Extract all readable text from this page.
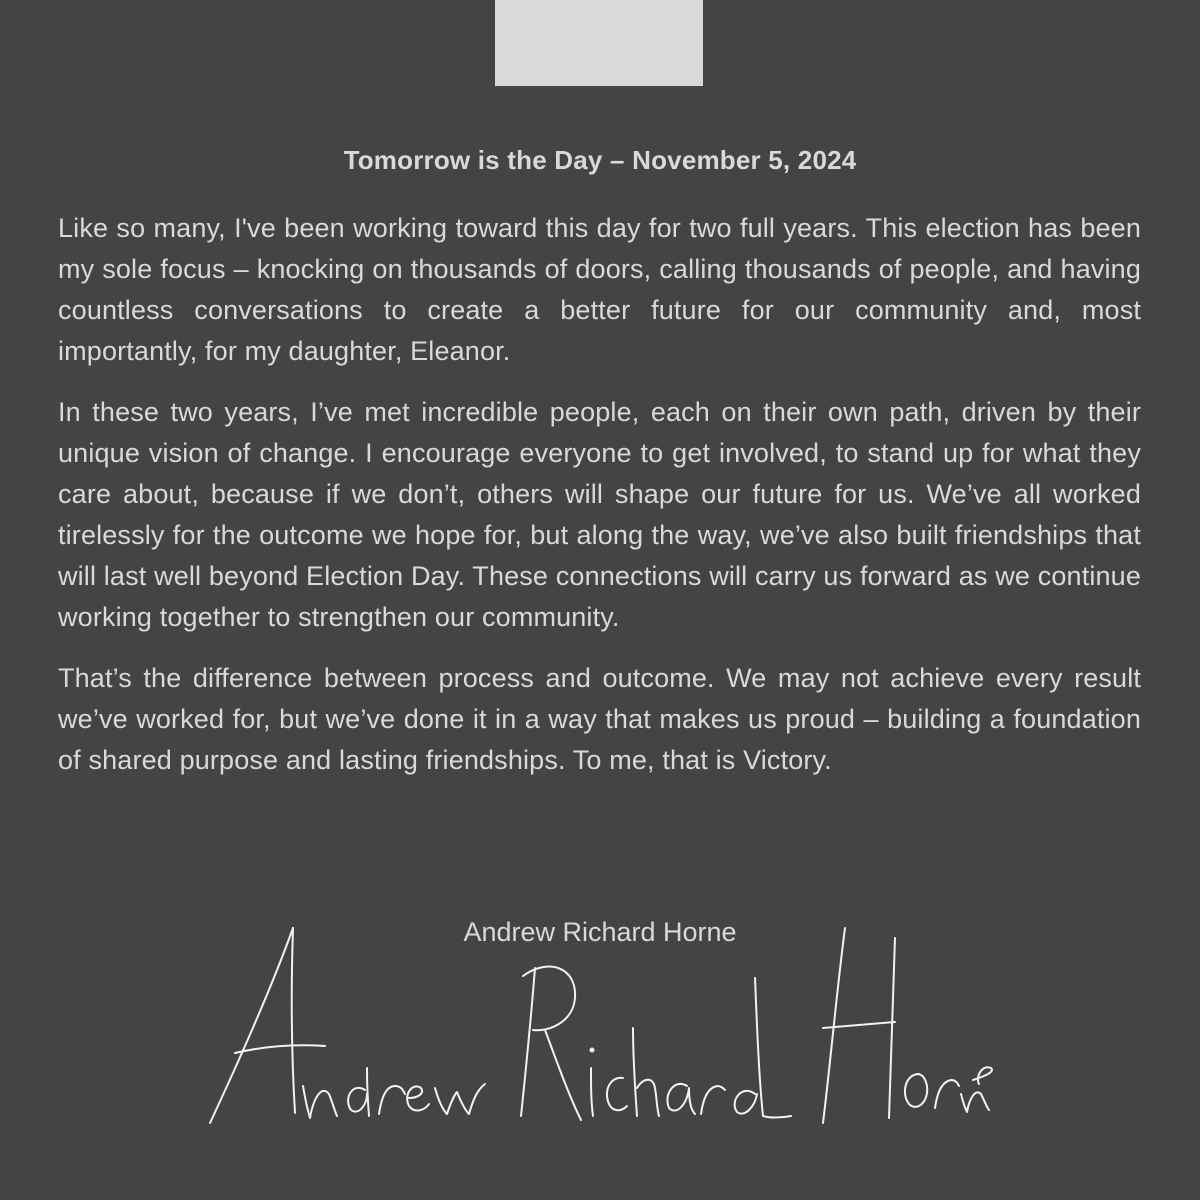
Tomorrow is the Day – November 5, 2024

Like so many, I've been working toward this day for two full years. This election has been my sole focus – knocking on thousands of doors, calling thousands of people, and having countless conversations to create a better future for our community and, most importantly, for my daughter, Eleanor.

In these two years, I’ve met incredible people, each on their own path, driven by their unique vision of change. I encourage everyone to get involved, to stand up for what they care about, because if we don’t, others will shape our future for us. We’ve all worked tirelessly for the outcome we hope for, but along the way, we’ve also built friendships that will last well beyond Election Day. These connections will carry us forward as we continue working together to strengthen our community.

That’s the difference between process and outcome. We may not achieve every result we’ve worked for, but we’ve done it in a way that makes us proud – building a foundation of shared purpose and lasting friendships. To me, that is Victory.

Andrew Richard Horne
